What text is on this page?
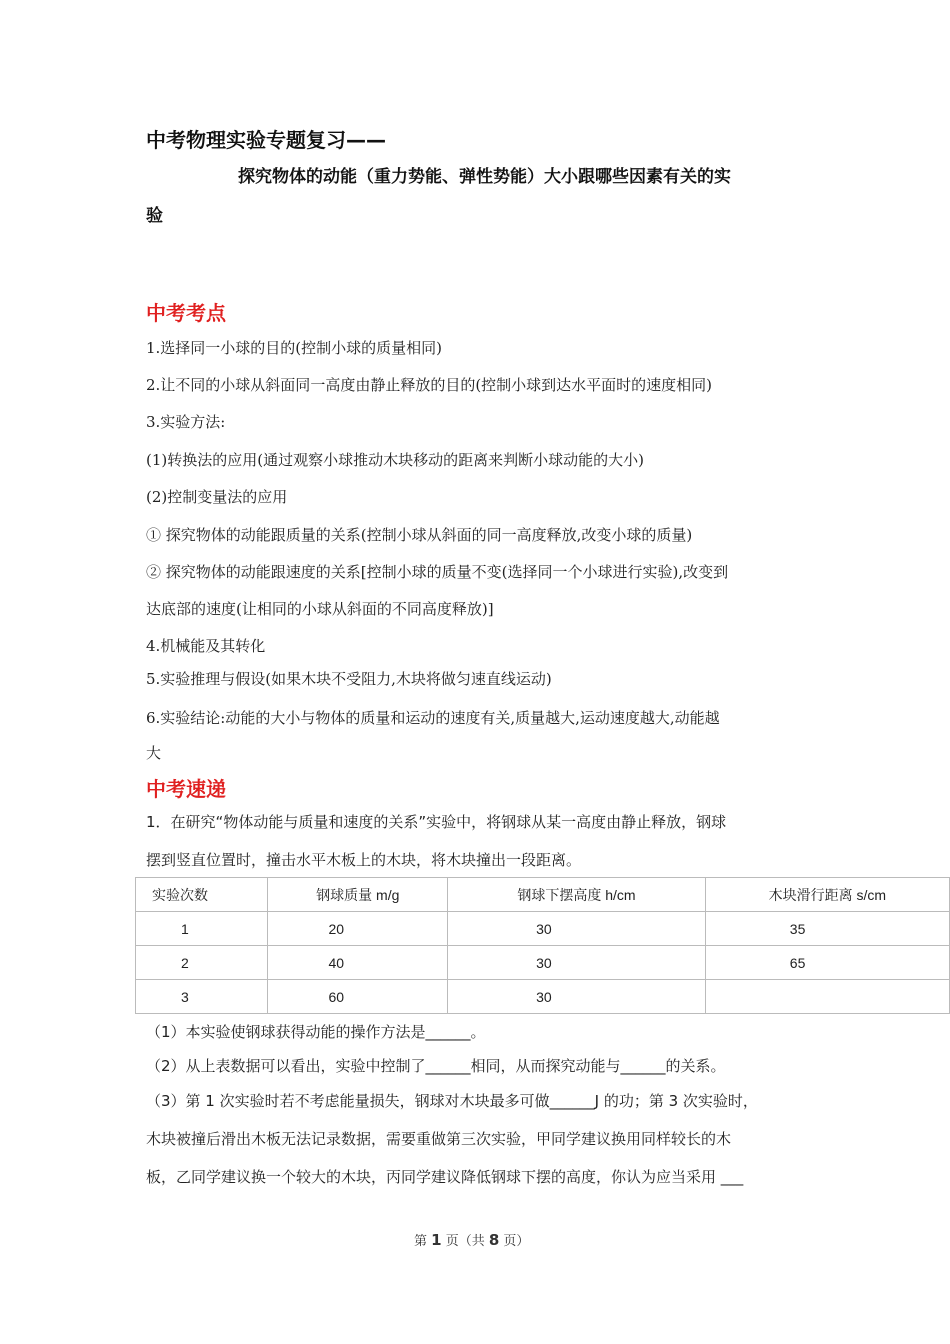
中考物理实验专题复习——
探究物体的动能（重力势能、弹性势能）大小跟哪些因素有关的实
验
中考考点
1.选择同一小球的目的(控制小球的质量相同)
2.让不同的小球从斜面同一高度由静止释放的目的(控制小球到达水平面时的速度相同)
3.实验方法:
(1)转换法的应用(通过观察小球推动木块移动的距离来判断小球动能的大小)
(2)控制变量法的应用
① 探究物体的动能跟质量的关系(控制小球从斜面的同一高度释放,改变小球的质量)
② 探究物体的动能跟速度的关系[控制小球的质量不变(选择同一个小球进行实验),改变到
达底部的速度(让相同的小球从斜面的不同高度释放)]
4.机械能及其转化
5.实验推理与假设(如果木块不受阻力,木块将做匀速直线运动)
6.实验结论:动能的大小与物体的质量和运动的速度有关,质量越大,运动速度越大,动能越
大
中考速递
1．在研究“物体动能与质量和速度的关系”实验中，将钢球从某一高度由静止释放，钢球
摆到竖直位置时，撞击水平木板上的木块，将木块撞出一段距离。
实验次数	钢球质量 m/g	钢球下摆高度 h/cm	木块滑行距离 s/cm
1	20	30	35
2	40	30	65
3	60	30	
（1）本实验使钢球获得动能的操作方法是______。
（2）从上表数据可以看出，实验中控制了______相同，从而探究动能与______的关系。
（3）第 1 次实验时若不考虑能量损失，钢球对木块最多可做______J 的功；第 3 次实验时，
木块被撞后滑出木板无法记录数据，需要重做第三次实验，甲同学建议换用同样较长的木
板，乙同学建议换一个较大的木块，丙同学建议降低钢球下摆的高度，你认为应当采用 ___
第 1 页（共 8 页）
